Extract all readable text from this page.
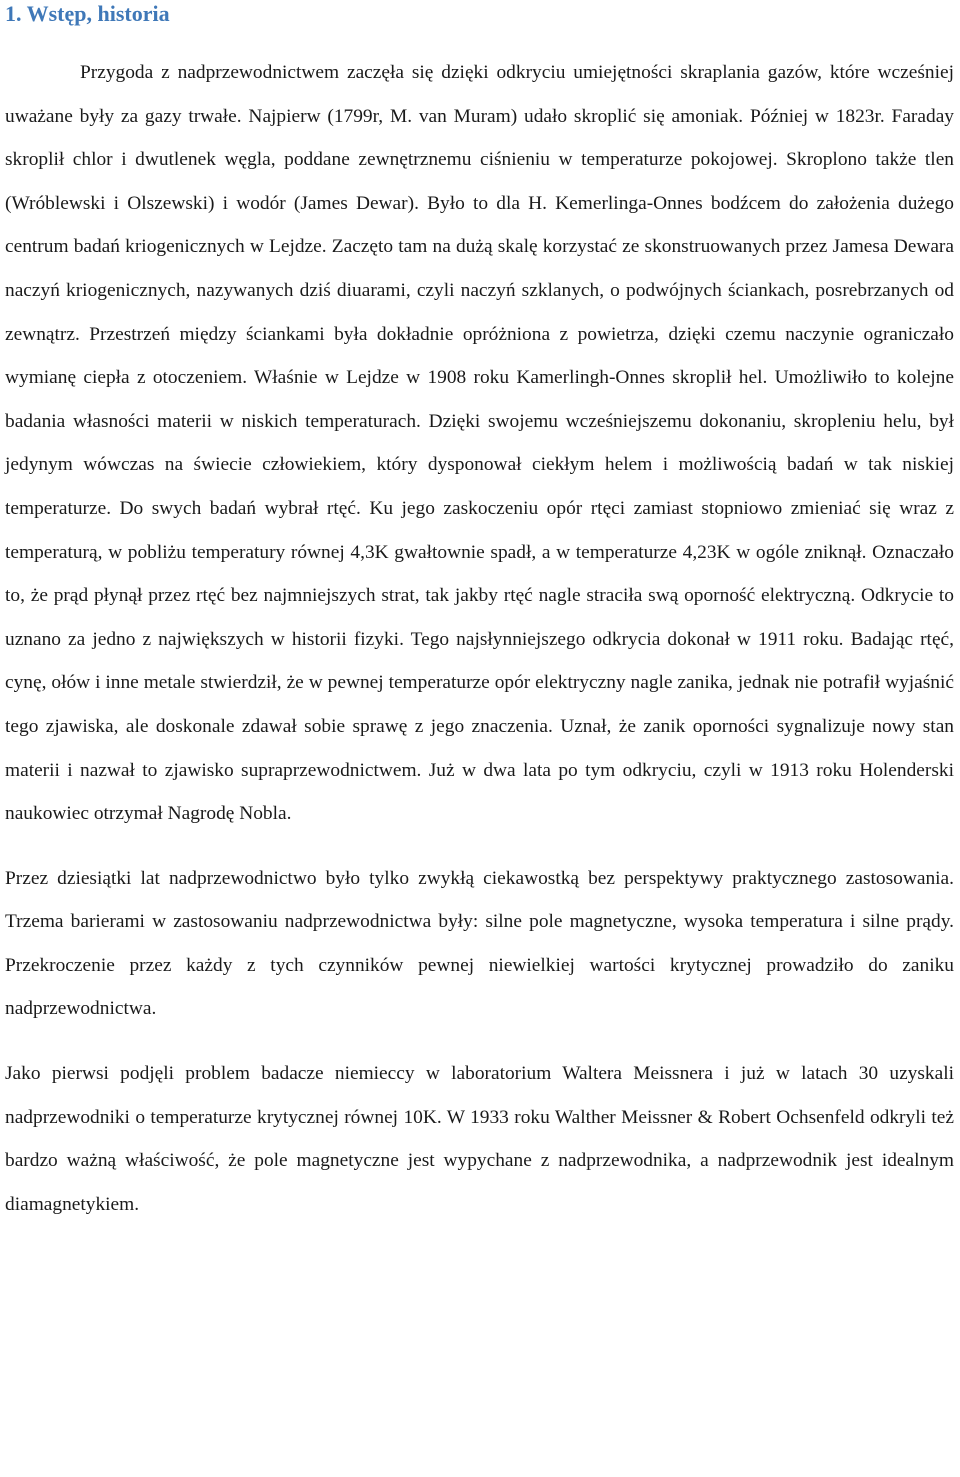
1. Wstęp, historia

Przygoda z nadprzewodnictwem zaczęła się dzięki odkryciu umiejętności skraplania gazów, które wcześniej uważane były za gazy trwałe. Najpierw (1799r, M. van Muram) udało skroplić się amoniak. Później w 1823r. Faraday skroplił chlor i dwutlenek węgla, poddane zewnętrznemu ciśnieniu w temperaturze pokojowej. Skroplono także tlen (Wróblewski i Olszewski) i wodór (James Dewar). Było to dla H. Kemerlinga-Onnes bodźcem do założenia dużego centrum badań kriogenicznych w Lejdze. Zaczęto tam na dużą skalę korzystać ze skonstruowanych przez Jamesa Dewara naczyń kriogenicznych, nazywanych dziś diuarami, czyli naczyń szklanych, o podwójnych ściankach, posrebrzanych od zewnątrz. Przestrzeń między ściankami była dokładnie opróżniona z powietrza, dzięki czemu naczynie ograniczało wymianę ciepła z otoczeniem. Właśnie w Lejdze w 1908 roku Kamerlingh-Onnes skroplił hel. Umożliwiło to kolejne badania własności materii w niskich temperaturach. Dzięki swojemu wcześniejszemu dokonaniu, skropleniu helu, był jedynym wówczas na świecie człowiekiem, który dysponował ciekłym helem i możliwością badań w tak niskiej temperaturze. Do swych badań wybrał rtęć. Ku jego zaskoczeniu opór rtęci zamiast stopniowo zmieniać się wraz z temperaturą, w pobliżu temperatury równej 4,3K gwałtownie spadł, a w temperaturze 4,23K w ogóle zniknął. Oznaczało to, że prąd płynął przez rtęć bez najmniejszych strat, tak jakby rtęć nagle straciła swą oporność elektryczną. Odkrycie to uznano za jedno z największych w historii fizyki. Tego najsłynniejszego odkrycia dokonał w 1911 roku. Badając rtęć, cynę, ołów i inne metale stwierdził, że w pewnej temperaturze opór elektryczny nagle zanika, jednak nie potrafił wyjaśnić tego zjawiska, ale doskonale zdawał sobie sprawę z jego znaczenia. Uznał, że zanik oporności sygnalizuje nowy stan materii i nazwał to zjawisko supraprzewodnictwem. Już w dwa lata po tym odkryciu, czyli w 1913 roku Holenderski naukowiec otrzymał Nagrodę Nobla.

Przez dziesiątki lat nadprzewodnictwo było tylko zwykłą ciekawostką bez perspektywy praktycznego zastosowania. Trzema barierami w zastosowaniu nadprzewodnictwa były: silne pole magnetyczne, wysoka temperatura i silne prądy. Przekroczenie przez każdy z tych czynników pewnej niewielkiej wartości krytycznej prowadziło do zaniku nadprzewodnictwa.

Jako pierwsi podjęli problem badacze niemieccy w laboratorium Waltera Meissnera i już w latach 30 uzyskali nadprzewodniki o temperaturze krytycznej równej 10K. W 1933 roku Walther Meissner & Robert Ochsenfeld odkryli też bardzo ważną właściwość, że pole magnetyczne jest wypychane z nadprzewodnika, a nadprzewodnik jest idealnym diamagnetykiem.
